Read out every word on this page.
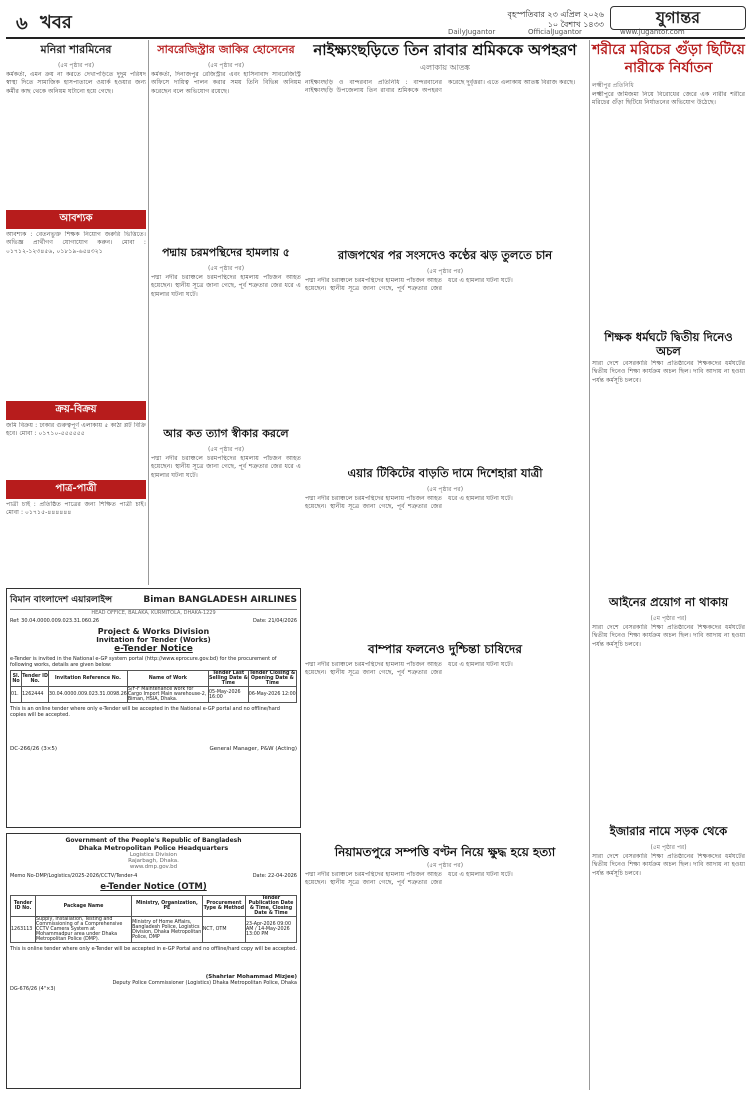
৬ খবর	বৃহস্পতিবার ২৩ এপ্রিল ২০২৬
১০ বৈশাখ ১৪৩৩	যুগান্তর
DailyJugantor	OfficialJugantor	www.jugantor.com
মনিরা শারমিনের
(৫ম পৃষ্ঠার পর)
কর্মকর্তা, এমন ক্রয় না করতে দেখাপড়িতে দুদুম পরিষদ স্বাস্থ্য দিতে সামাজিক হাসপাতালে ওয়ার্ক হওয়ার জন্য কর্মীর কাছ থেকে অনিয়ম ঘটানো হয়ে গেছে।
আবশ্যক
আবশ্যক : বেতনভুক্ত শিক্ষক নিয়োগ জরুরি ভিত্তিতে। অভিজ্ঞ প্রার্থীগণ যোগাযোগ করুন। মোবা : ০১৭১২-১২৩৪৫৬, ০১৮১৯-৬৫৪৩২১
ক্রয়-বিক্রয়
জমি বিক্রয় : ঢাকার গুরুত্বপূর্ণ এলাকায় ৫ কাঠা প্লট বিক্রি হবে। মোবা : ০১৭১০-৫৫৫৫৫৫
পাত্র-পাত্রী
পাত্রী চাই : প্রতিষ্ঠিত পাত্রের জন্য শিক্ষিত পাত্রী চাই। মোবা : ০১৭১৫-৪৪৪৪৪৪
সাবরেজিস্ট্রার জাকির হোসেনের
(৫ম পৃষ্ঠার পর)
কর্মকর্তা, দিনাজপুর রেজিস্ট্রার এবং হাসিনাবাদ সাবরেজিস্ট্রি অফিসে দায়িত্ব পালন করার সময় তিনি বিভিন্ন অনিয়ম করেছেন বলে অভিযোগ রয়েছে।
নাইক্ষ্যংছড়িতে তিন রাবার শ্রমিককে অপহরণ
এলাকায় আতঙ্ক
নাইক্ষ্যংছড়ি ও বান্দরবান প্রতিনিধি : বান্দরবানের নাইক্ষ্যংছড়ি উপজেলায় তিন রাবার শ্রমিককে অপহরণ করেছে দুর্বৃত্তরা। এতে এলাকায় আতঙ্ক বিরাজ করছে।
শরীরে মরিচের গুঁড়া ছিটিয়ে নারীকে নির্যাতন
লক্ষ্মীপুর প্রতিনিধি
লক্ষ্মীপুরে জমিজমা নিয়ে বিরোধের জেরে এক নারীর শরীরে মরিচের গুঁড়া ছিটিয়ে নির্যাতনের অভিযোগ উঠেছে।
পদ্মায় চরমপন্থিদের হামলায় ৫
(৫ম পৃষ্ঠার পর)
পদ্মা নদীর চরাঞ্চলে চরমপন্থিদের হামলায় পাঁচজন আহত হয়েছেন। স্থানীয় সূত্রে জানা গেছে, পূর্ব শত্রুতার জের ধরে এ হামলার ঘটনা ঘটে।
আর কত ত্যাগ স্বীকার করলে
(৫ম পৃষ্ঠার পর)
পদ্মা নদীর চরাঞ্চলে চরমপন্থিদের হামলায় পাঁচজন আহত হয়েছেন। স্থানীয় সূত্রে জানা গেছে, পূর্ব শত্রুতার জের ধরে এ হামলার ঘটনা ঘটে।
রাজপথের পর সংসদেও কণ্ঠের ঝড় তুলতে চান
(৫ম পৃষ্ঠার পর)
পদ্মা নদীর চরাঞ্চলে চরমপন্থিদের হামলায় পাঁচজন আহত হয়েছেন। স্থানীয় সূত্রে জানা গেছে, পূর্ব শত্রুতার জের ধরে এ হামলার ঘটনা ঘটে।
এয়ার টিকিটের বাড়তি দামে দিশেহারা যাত্রী
(৫ম পৃষ্ঠার পর)
পদ্মা নদীর চরাঞ্চলে চরমপন্থিদের হামলায় পাঁচজন আহত হয়েছেন। স্থানীয় সূত্রে জানা গেছে, পূর্ব শত্রুতার জের ধরে এ হামলার ঘটনা ঘটে।
বাম্পার ফলনেও দুশ্চিন্তা চাষিদের
পদ্মা নদীর চরাঞ্চলে চরমপন্থিদের হামলায় পাঁচজন আহত হয়েছেন। স্থানীয় সূত্রে জানা গেছে, পূর্ব শত্রুতার জের ধরে এ হামলার ঘটনা ঘটে।
শিক্ষক ধর্মঘটে দ্বিতীয় দিনেও অচল
সারা দেশে বেসরকারি শিক্ষা প্রতিষ্ঠানের শিক্ষকদের ধর্মঘটের দ্বিতীয় দিনেও শিক্ষা কার্যক্রম অচল ছিল। দাবি আদায় না হওয়া পর্যন্ত কর্মসূচি চলবে।
আইনের প্রয়োগ না থাকায়
(৫ম পৃষ্ঠার পর)
সারা দেশে বেসরকারি শিক্ষা প্রতিষ্ঠানের শিক্ষকদের ধর্মঘটের দ্বিতীয় দিনেও শিক্ষা কার্যক্রম অচল ছিল। দাবি আদায় না হওয়া পর্যন্ত কর্মসূচি চলবে।
ইজারার নামে সড়ক থেকে
(৫ম পৃষ্ঠার পর)
সারা দেশে বেসরকারি শিক্ষা প্রতিষ্ঠানের শিক্ষকদের ধর্মঘটের দ্বিতীয় দিনেও শিক্ষা কার্যক্রম অচল ছিল। দাবি আদায় না হওয়া পর্যন্ত কর্মসূচি চলবে।
নিয়ামতপুরে সম্পত্তি বণ্টন নিয়ে ক্ষুদ্ধ হয়ে হত্যা
(৫ম পৃষ্ঠার পর)
পদ্মা নদীর চরাঞ্চলে চরমপন্থিদের হামলায় পাঁচজন আহত হয়েছেন। স্থানীয় সূত্রে জানা গেছে, পূর্ব শত্রুতার জের ধরে এ হামলার ঘটনা ঘটে।
বিমান বাংলাদেশ এয়ারলাইন্স	Biman BANGLADESH AIRLINES
HEAD OFFICE, BALAKA, KURMITOLA, DHAKA-1229
Ref: 30.04.0000.009.023.31.060.26	Date: 21/04/2026
Project & Works Division
Invitation for Tender (Works)
e-Tender Notice
e-Tender is invited in the National e-GP system portal (http://www.eprocure.gov.bd) for the procurement of following works, details are given below:
Sl. No	Tender ID No.	Invitation Reference No.	Name of Work	Tender Last Selling Date & Time	Tender Closing & Opening Date & Time
01.	1262444	30.04.0000.009.023.31.0098.26	S/F-F Maintenance work for Cargo Import Main warehouse-2, Biman, HSIA, Dhaka.	05-May-2026 16:00	06-May-2026 12:00
This is an online tender where only e-Tender will be accepted in the National e-GP portal and no offline/hard copies will be accepted.
DC-266/26 (3×5)	General Manager, P&W (Acting)
Government of the People's Republic of Bangladesh
Dhaka Metropolitan Police Headquarters
Logistics Division
Rajarbagh, Dhaka.
www.dmp.gov.bd
Memo No-DMP/Logistics/2025-2026/CCTV/Tender-4	Date: 22-04-2026
e-Tender Notice (OTM)
Tender ID No.	Package Name	Ministry, Organization, PE	Procurement Type & Method	Tender Publication Date & Time, Closing Date & Time
1263113	Supply, Installation, Testing and Commissioning of a Comprehensive CCTV Camera System at Mohammadpur area under Dhaka Metropolitan Police (DMP).	Ministry of Home Affairs, Bangladesh Police, Logistics Division, Dhaka Metropolitan Police, DMP	NCT, OTM	23-Apr-2026 09:00 AM / 14-May-2026 13:00 PM
This is online tender where only e-Tender will be accepted in e-GP Portal and no offline/hard copy will be accepted.
(Shahriar Mohammad Mizjee)
Deputy Police Commissioner (Logistics) Dhaka Metropolitan Police, Dhaka
DG-676/26 (4"×3)
